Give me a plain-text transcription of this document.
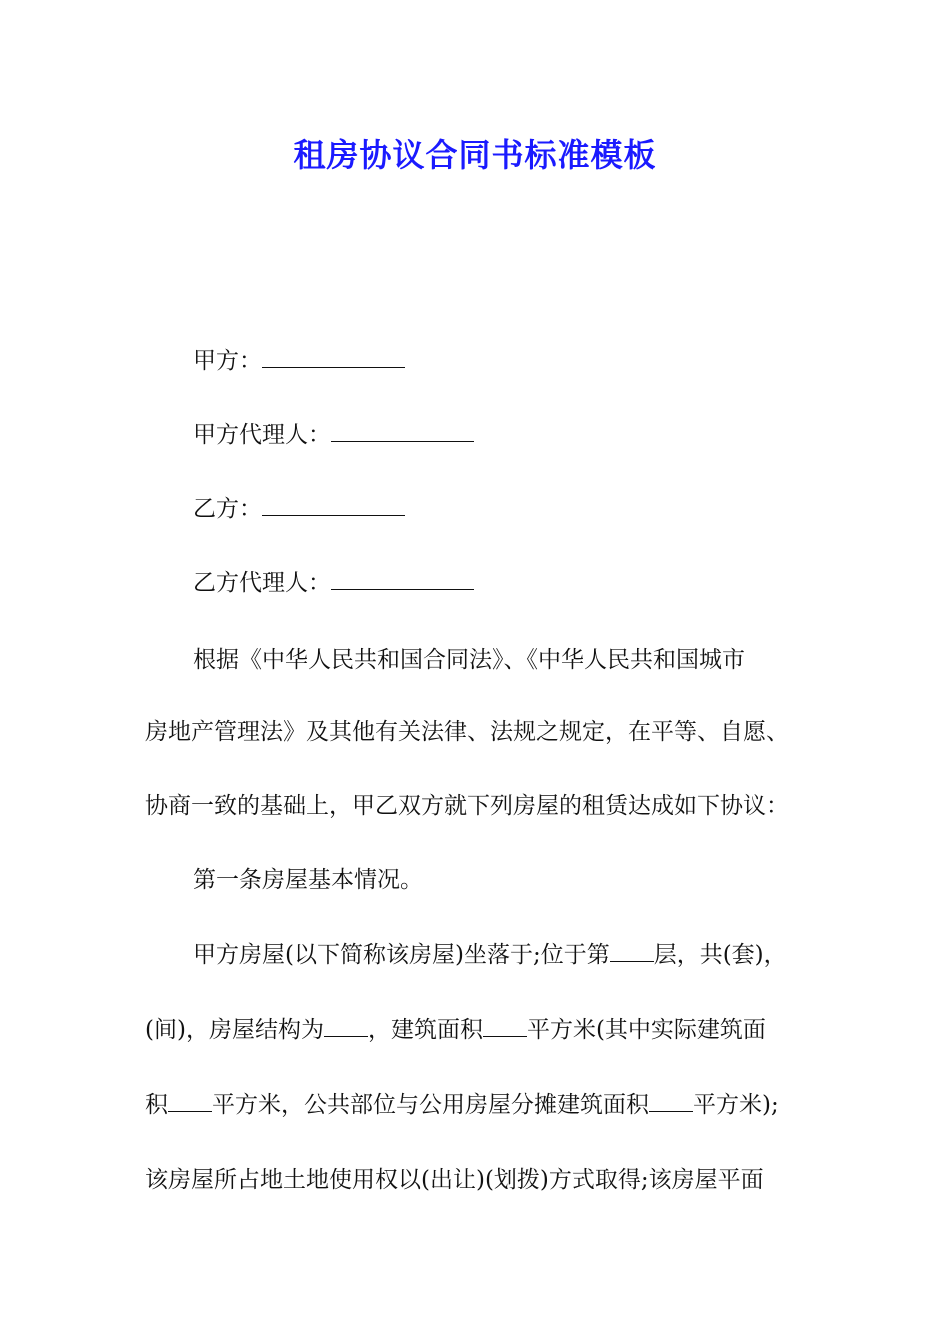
租房协议合同书标准模板
甲方：
甲方代理人：
乙方：
乙方代理人：
根据《中华人民共和国合同法》、《中华人民共和国城市
房地产管理法》及其他有关法律、法规之规定，在平等、自愿、
协商一致的基础上，甲乙双方就下列房屋的租赁达成如下协议：
第一条房屋基本情况。
甲方房屋(以下简称该房屋)坐落于;位于第 层，共(套)，
(间)，房屋结构为 ，建筑面积 平方米(其中实际建筑面
积 平方米，公共部位与公用房屋分摊建筑面积 平方米);
该房屋所占地土地使用权以(出让)(划拨)方式取得;该房屋平面
